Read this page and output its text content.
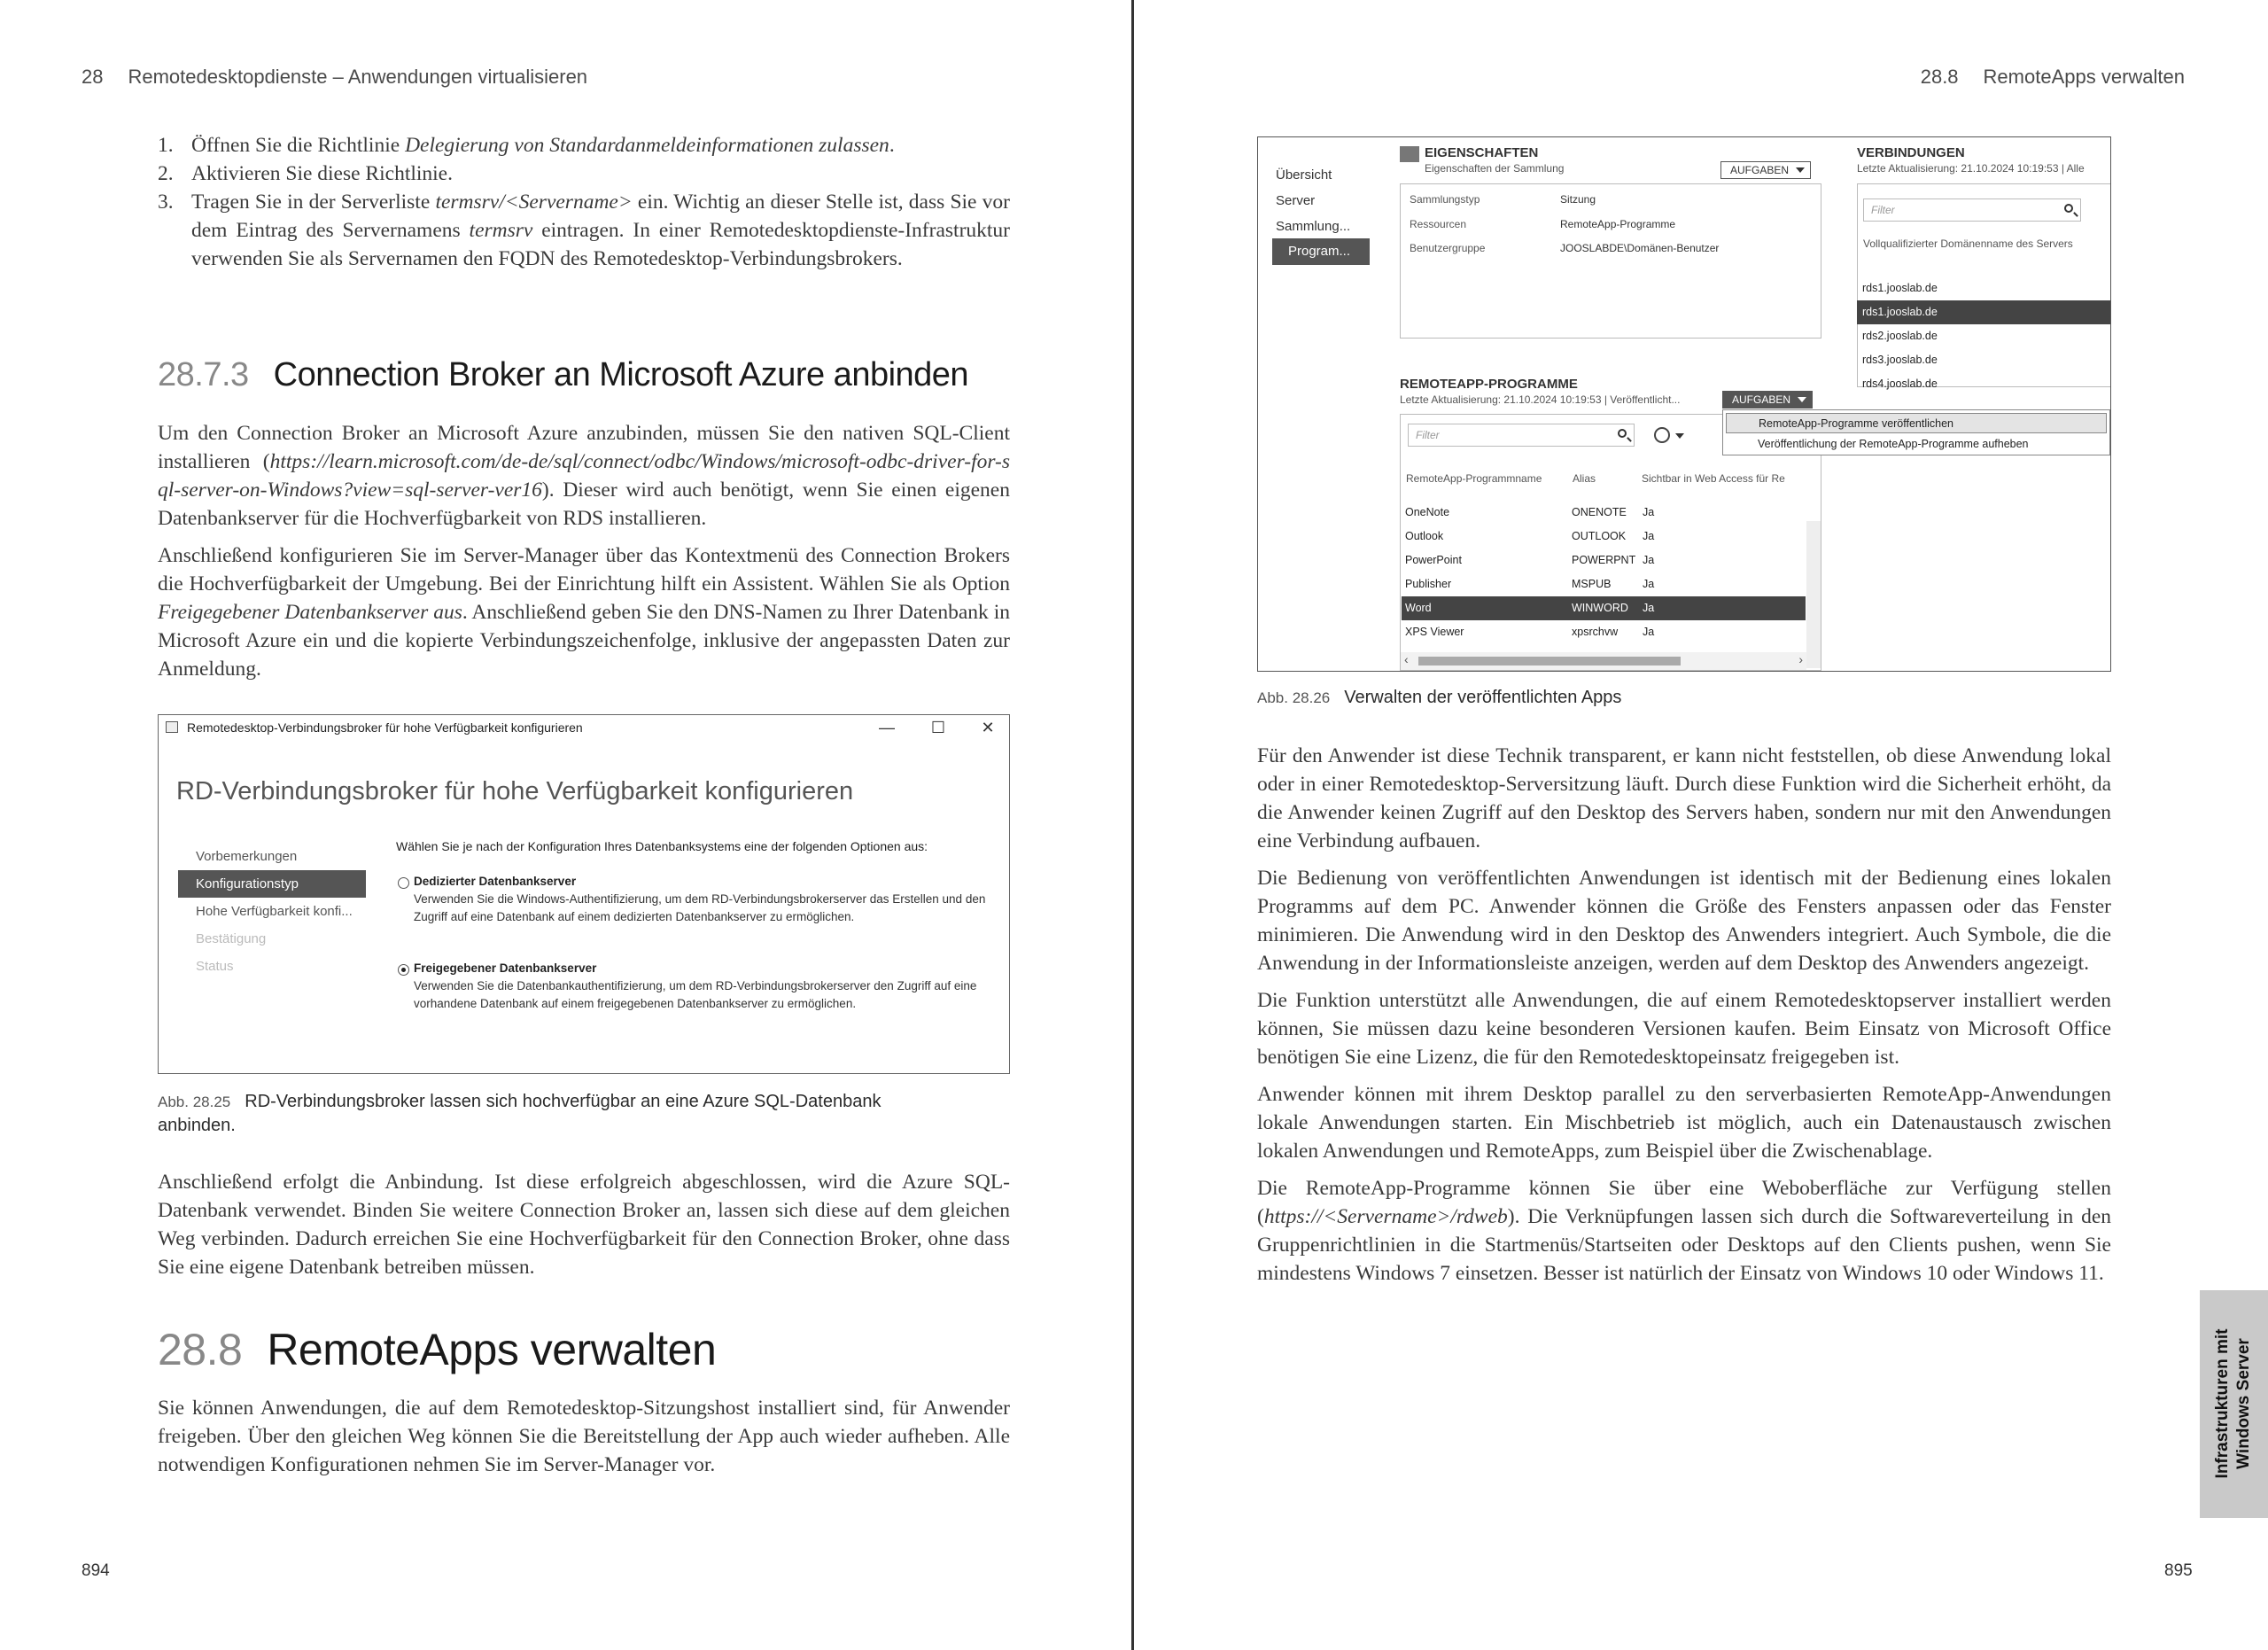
28 Remotedesktopdienste – Anwendungen virtualisieren
1. Öffnen Sie die Richtlinie Delegierung von Standardanmeldeinformationen zulassen.
2. Aktivieren Sie diese Richtlinie.
3. Tragen Sie in der Serverliste termsrv/<Servername> ein. Wichtig an dieser Stelle ist, dass Sie vor dem Eintrag des Servernamens termsrv eintragen. In einer Remotedesktopdienste-Infrastruktur verwenden Sie als Servernamen den FQDN des Remotedesktop-Verbindungsbrokers.
28.7.3 Connection Broker an Microsoft Azure anbinden

Um den Connection Broker an Microsoft Azure anzubinden, müssen Sie den nativen SQL-Client installieren (https://learn.microsoft.com/de-de/sql/connect/odbc/Windows/microsoft-odbc-driver-for-sql-server-on-Windows?view=sql-server-ver16). Dieser wird auch benötigt, wenn Sie einen eigenen Datenbankserver für die Hochverfügbarkeit von RDS installieren.

Anschließend konfigurieren Sie im Server-Manager über das Kontextmenü des Connection Brokers die Hochverfügbarkeit der Umgebung. Bei der Einrichtung hilft ein Assistent. Wählen Sie als Option Freigegebener Datenbankserver aus. Anschließend geben Sie den DNS-Namen zu Ihrer Datenbank in Microsoft Azure ein und die kopierte Verbindungszeichenfolge, inklusive der angepassten Daten zur Anmeldung.

Remotedesktop-Verbindungsbroker für hohe Verfügbarkeit konfigurieren	—	☐	✕
RD-Verbindungsbroker für hohe Verfügbarkeit konfigurieren
Vorbemerkungen
Konfigurationstyp
Hohe Verfügbarkeit konfi...
Bestätigung
Status
Wählen Sie je nach der Konfiguration Ihres Datenbanksystems eine der folgenden Optionen aus:
Dedizierter Datenbankserver
Verwenden Sie die Windows-Authentifizierung, um dem RD-Verbindungsbrokerserver das Erstellen und den Zugriff auf eine Datenbank auf einem dedizierten Datenbankserver zu ermöglichen.
Freigegebener Datenbankserver
Verwenden Sie die Datenbankauthentifizierung, um dem RD-Verbindungsbrokerserver den Zugriff auf eine vorhandene Datenbank auf einem freigegebenen Datenbankserver zu ermöglichen.
Abb. 28.25 RD-Verbindungsbroker lassen sich hochverfügbar an eine Azure SQL-Datenbank anbinden.

Anschließend erfolgt die Anbindung. Ist diese erfolgreich abgeschlossen, wird die Azure SQL-Datenbank verwendet. Binden Sie weitere Connection Broker an, lassen sich diese auf dem gleichen Weg verbinden. Dadurch erreichen Sie eine Hochverfügbarkeit für den Connection Broker, ohne dass Sie eine eigene Datenbank betreiben müssen.

28.8 RemoteApps verwalten

Sie können Anwendungen, die auf dem Remotedesktop-Sitzungshost installiert sind, für Anwender freigeben. Über den gleichen Weg können Sie die Bereitstellung der App auch wieder aufheben. Alle notwendigen Konfigurationen nehmen Sie im Server-Manager vor.

894
28.8 RemoteApps verwalten
Übersicht
Server
Sammlung...
Program...
EIGENSCHAFTEN
Eigenschaften der Sammlung	AUFGABEN
Sammlungstyp	Sitzung
Ressourcen	RemoteApp-Programme
Benutzergruppe	JOOSLABDE\Domänen-Benutzer
VERBINDUNGEN
Letzte Aktualisierung: 21.10.2024 10:19:53 | Alle
Filter
Vollqualifizierter Domänenname des Servers
rds1.jooslab.de
rds1.jooslab.de
rds2.jooslab.de
rds3.jooslab.de
rds4.jooslab.de
REMOTEAPP-PROGRAMME
Letzte Aktualisierung: 21.10.2024 10:19:53 | Veröffentlicht...	AUFGABEN
Filter
RemoteApp-Programmname	Alias	Sichtbar in Web Access für Re
‹	›
OneNote	ONENOTE Ja
Outlook	OUTLOOK Ja
PowerPoint	POWERPNT Ja
Publisher	MSPUB	Ja
Word	WINWORD Ja
XPS Viewer	xpsrchvw Ja
RemoteApp-Programme veröffentlichen
Veröffentlichung der RemoteApp-Programme aufheben
Abb. 28.26 Verwalten der veröffentlichten Apps

Für den Anwender ist diese Technik transparent, er kann nicht feststellen, ob diese Anwendung lokal oder in einer Remotedesktop-Serversitzung läuft. Durch diese Funktion wird die Sicherheit erhöht, da die Anwender keinen Zugriff auf den Desktop des Servers haben, sondern nur mit den Anwendungen eine Verbindung aufbauen.

Die Bedienung von veröffentlichten Anwendungen ist identisch mit der Bedienung eines lokalen Programms auf dem PC. Anwender können die Größe des Fensters anpassen oder das Fenster minimieren. Die Anwendung wird in den Desktop des Anwenders integriert. Auch Symbole, die die Anwendung in der Informationsleiste anzeigen, werden auf dem Desktop des Anwenders angezeigt.

Die Funktion unterstützt alle Anwendungen, die auf einem Remotedesktopserver installiert werden können, Sie müssen dazu keine besonderen Versionen kaufen. Beim Einsatz von Microsoft Office benötigen Sie eine Lizenz, die für den Remotedesktopeinsatz freigegeben ist.

Anwender können mit ihrem Desktop parallel zu den serverbasierten RemoteApp-Anwendungen lokale Anwendungen starten. Ein Mischbetrieb ist möglich, auch ein Datenaustausch zwischen lokalen Anwendungen und RemoteApps, zum Beispiel über die Zwischenablage.

Die RemoteApp-Programme können Sie über eine Weboberfläche zur Verfügung stellen (https://<Servername>/rdweb). Die Verknüpfungen lassen sich durch die Softwareverteilung in den Gruppenrichtlinien in die Startmenüs/Startseiten oder Desktops auf den Clients pushen, wenn Sie mindestens Windows 7 einsetzen. Besser ist natürlich der Einsatz von Windows 10 oder Windows 11.

Infrastrukturen mit Windows Server
895
